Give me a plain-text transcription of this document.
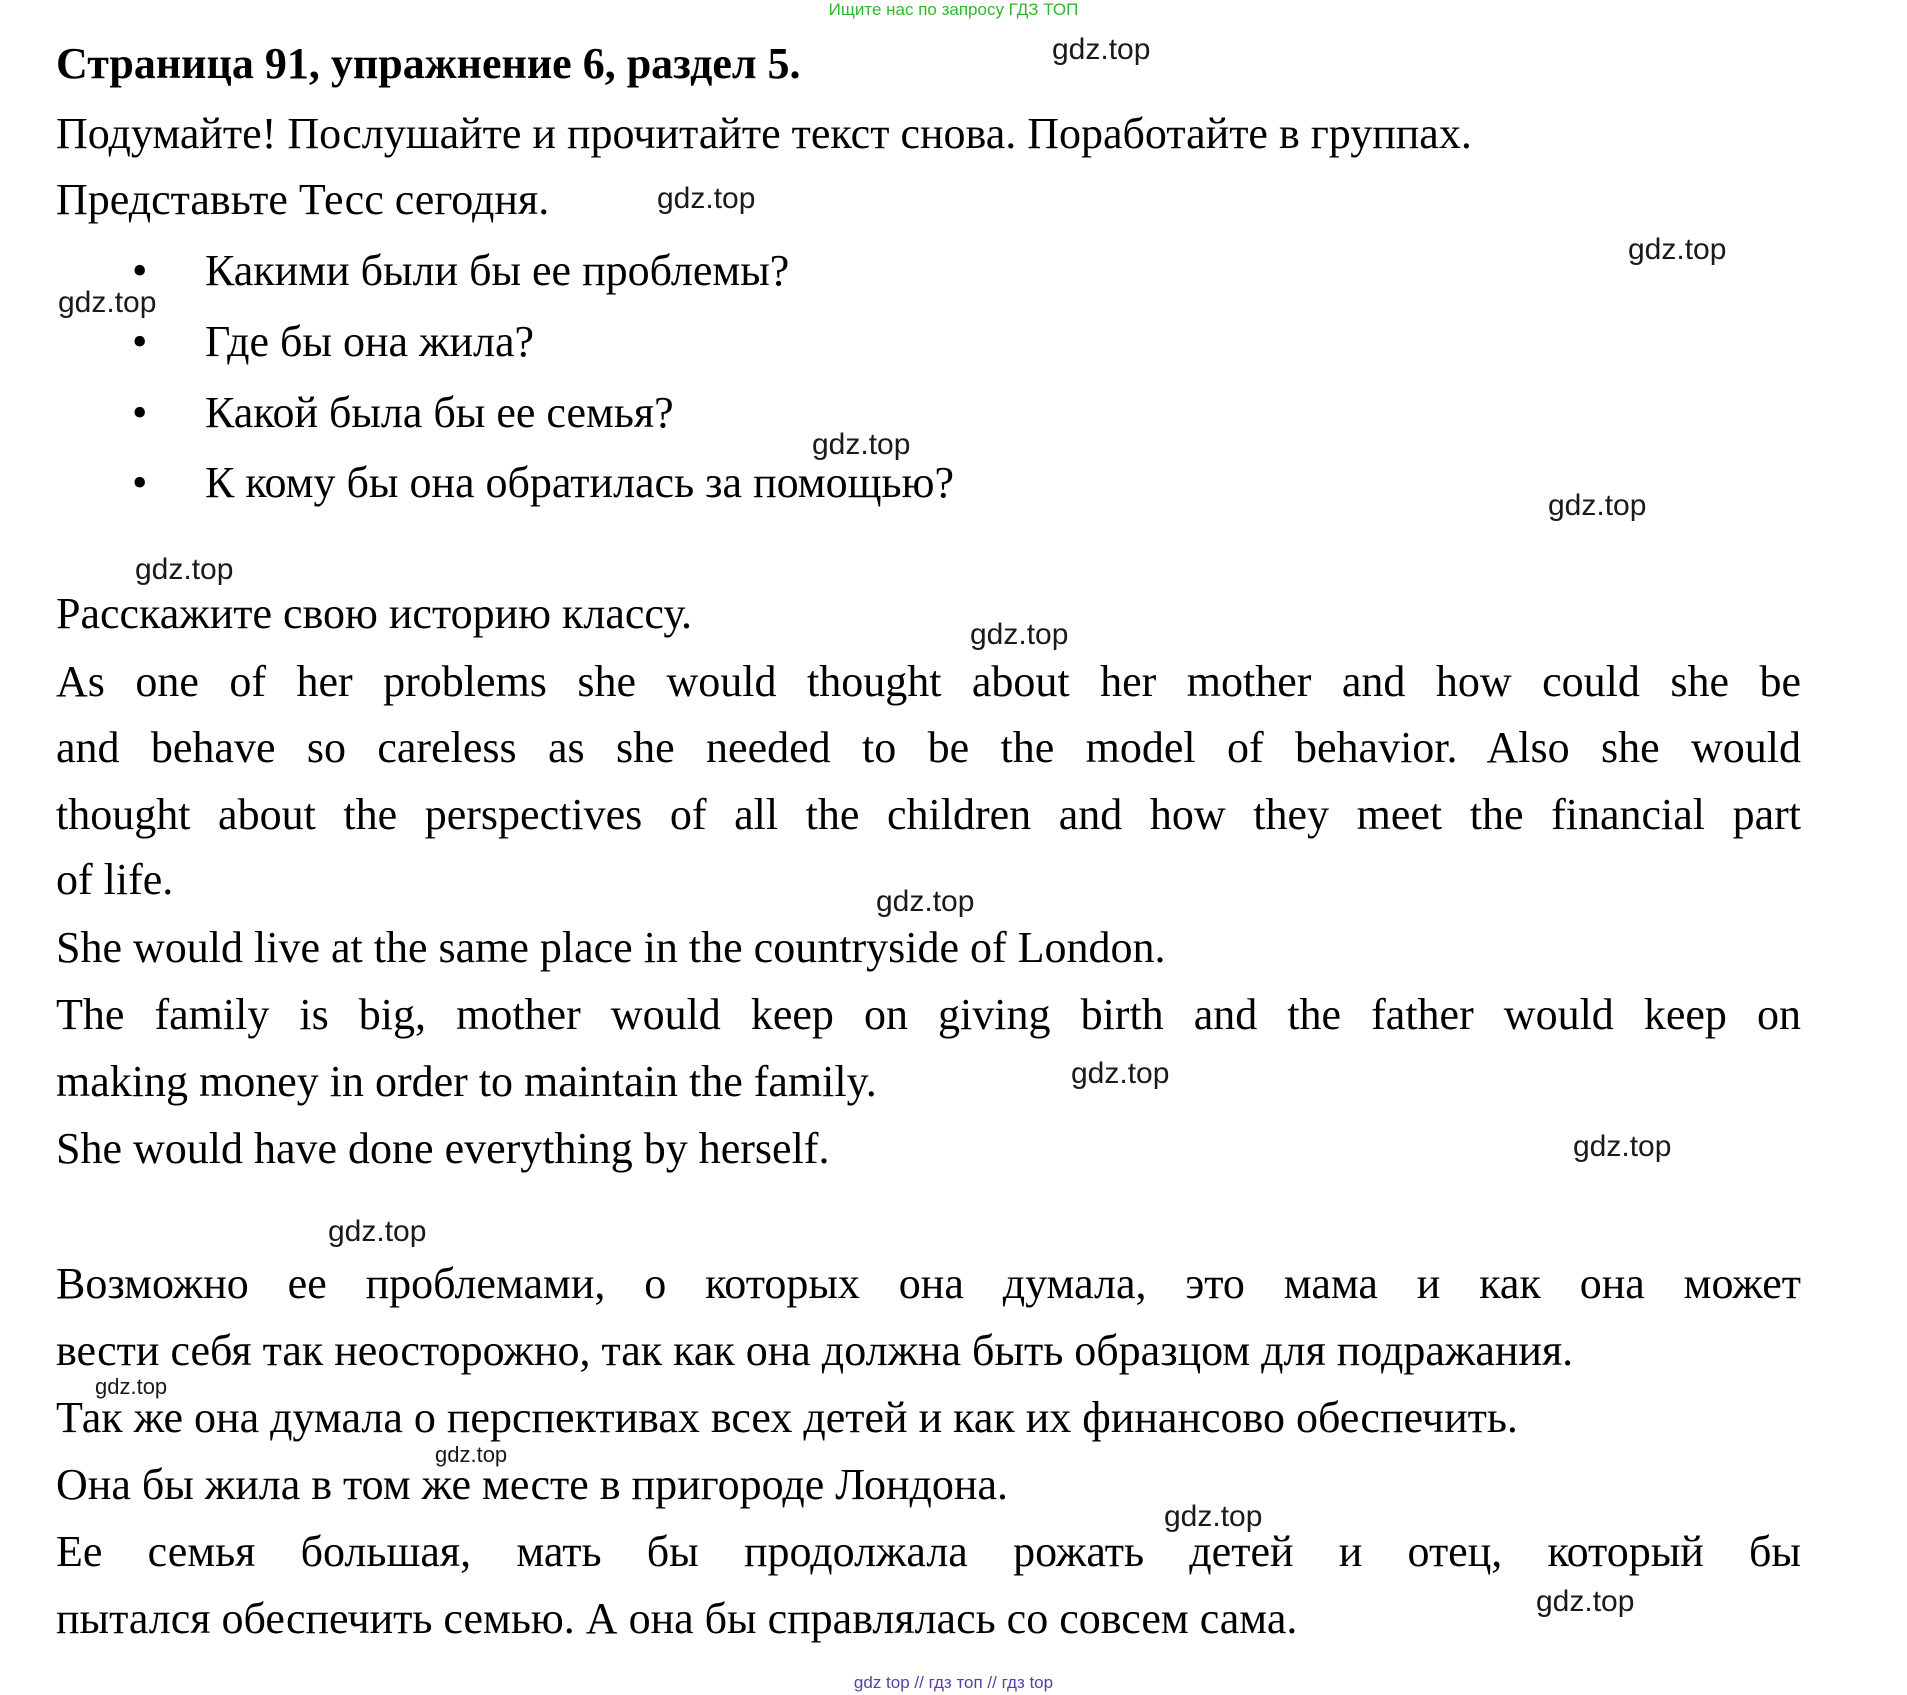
Ищите нас по запросу ГДЗ ТОП
Страница 91, упражнение 6, раздел 5.
Подумайте! Послушайте и прочитайте текст снова. Поработайте в группах.
Представьте Тесс сегодня.
• Какими были бы ее проблемы?
• Где бы она жила?
• Какой была бы ее семья?
• К кому бы она обратилась за помощью?
Расскажите свою историю классу.
As one of her problems she would thought about her mother and how could she be
and behave so careless as she needed to be the model of behavior. Also she would
thought about the perspectives of all the children and how they meet the financial part
of life.
She would live at the same place in the countryside of London.
The family is big, mother would keep on giving birth and the father would keep on
making money in order to maintain the family.
She would have done everything by herself.
Возможно ее проблемами, о которых она думала, это мама и как она может
вести себя так неосторожно, так как она должна быть образцом для подражания.
Так же она думала о перспективах всех детей и как их финансово обеспечить.
Она бы жила в том же месте в пригороде Лондона.
Ее семья большая, мать бы продолжала рожать детей и отец, который бы
пытался обеспечить семью. А она бы справлялась со совсем сама.
gdz.top
gdz.top
gdz.top
gdz.top
gdz.top
gdz.top
gdz.top
gdz.top
gdz.top
gdz.top
gdz.top
gdz.top
gdz.top
gdz.top
gdz.top
gdz.top
gdz top // гдз топ // гдз top
